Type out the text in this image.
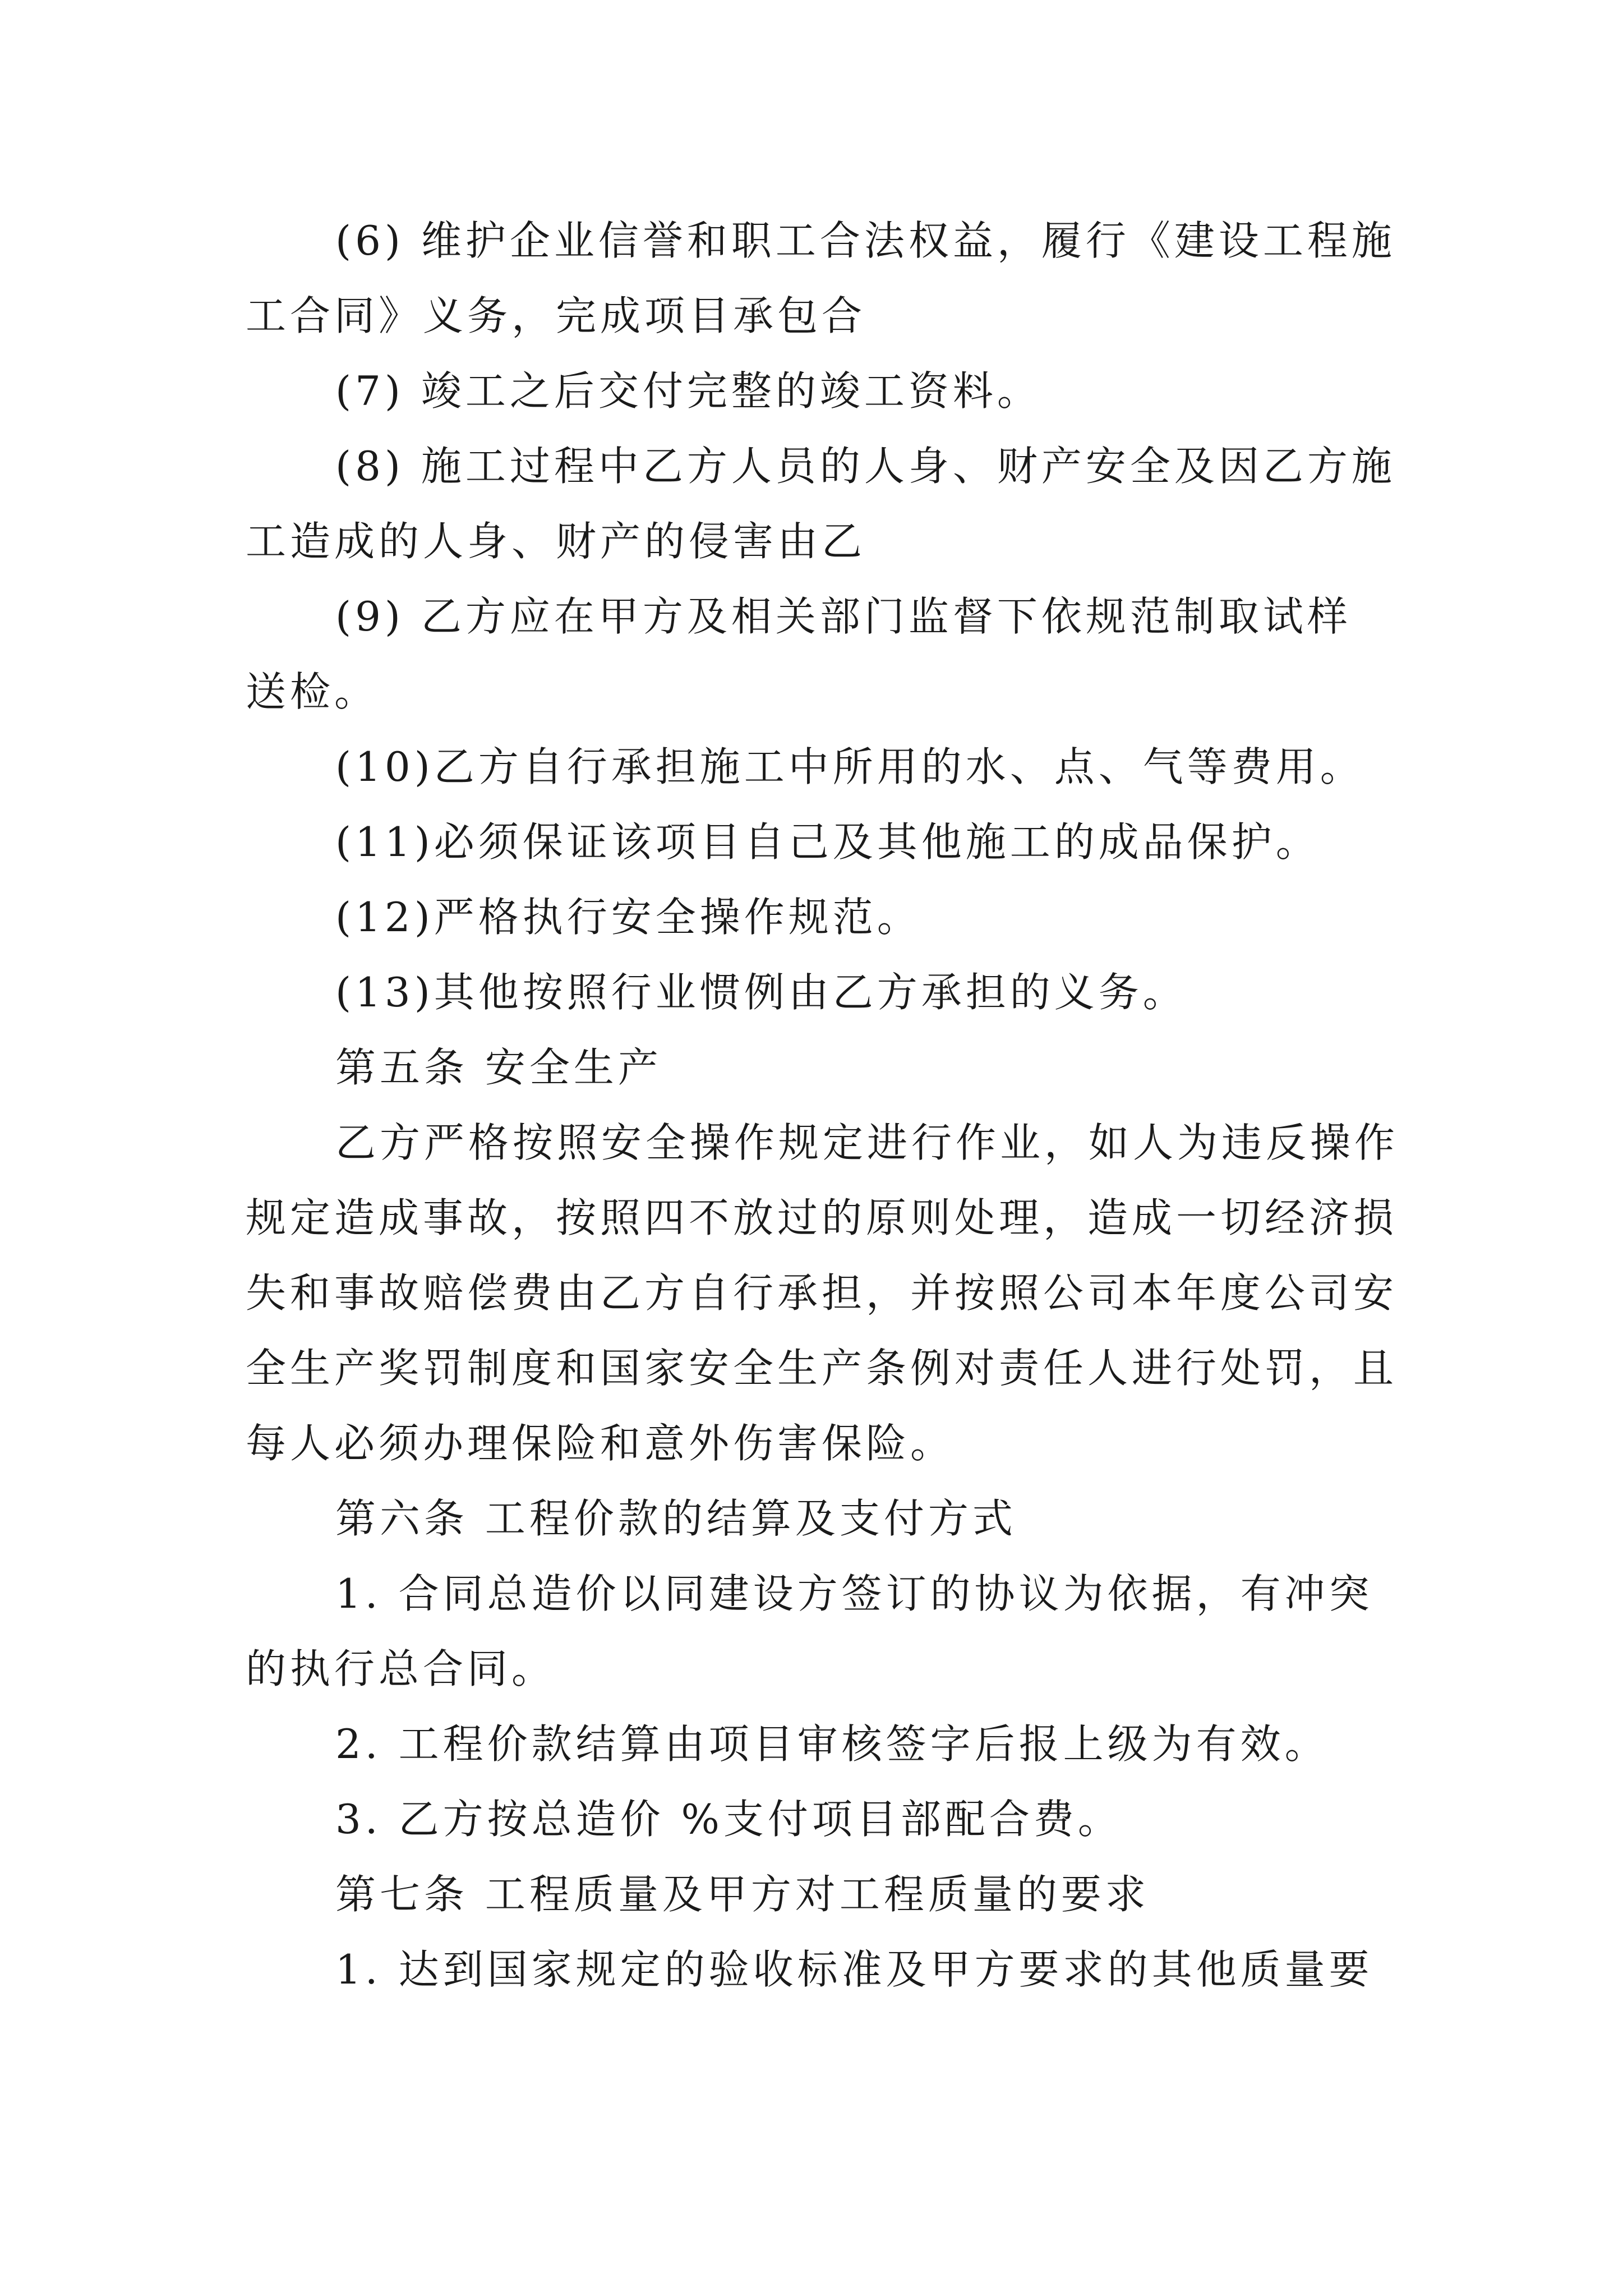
(6) 维护企业信誉和职工合法权益，履行《建设工程施
工合同》义务，完成项目承包合
(7) 竣工之后交付完整的竣工资料。
(8) 施工过程中乙方人员的人身、财产安全及因乙方施
工造成的人身、财产的侵害由乙
(9) 乙方应在甲方及相关部门监督下依规范制取试样
送检。
(10)乙方自行承担施工中所用的水、点、气等费用。
(11)必须保证该项目自己及其他施工的成品保护。
(12)严格执行安全操作规范。
(13)其他按照行业惯例由乙方承担的义务。
第五条 安全生产
乙方严格按照安全操作规定进行作业，如人为违反操作
规定造成事故，按照四不放过的原则处理，造成一切经济损
失和事故赔偿费由乙方自行承担，并按照公司本年度公司安
全生产奖罚制度和国家安全生产条例对责任人进行处罚，且
每人必须办理保险和意外伤害保险。
第六条 工程价款的结算及支付方式
1. 合同总造价以同建设方签订的协议为依据，有冲突
的执行总合同。
2. 工程价款结算由项目审核签字后报上级为有效。
3. 乙方按总造价 %支付项目部配合费。
第七条 工程质量及甲方对工程质量的要求
1. 达到国家规定的验收标准及甲方要求的其他质量要
